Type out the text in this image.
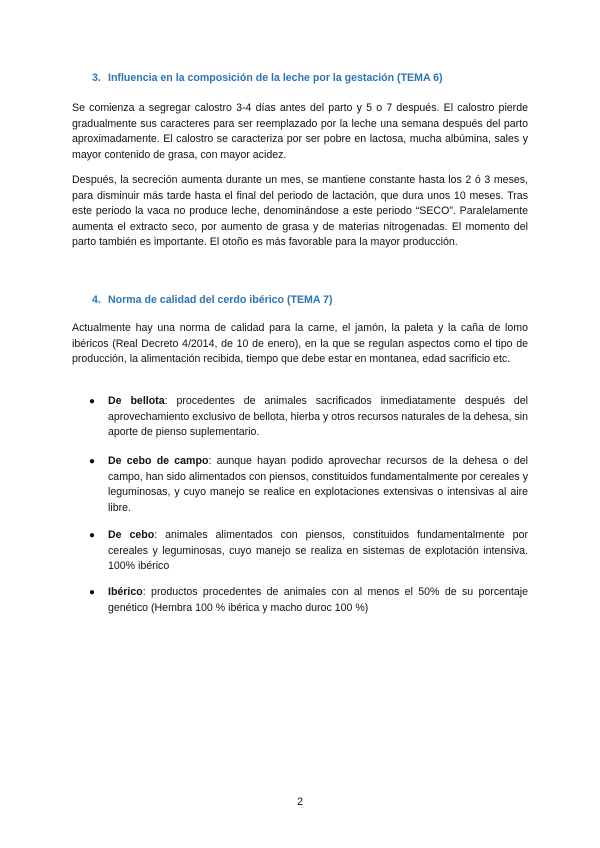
3. Influencia en la composición de la leche por la gestación (TEMA 6)

Se comienza a segregar calostro 3-4 días antes del parto y 5 o 7 después. El calostro pierde gradualmente sus caracteres para ser reemplazado por la leche una semana después del parto aproximadamente. El calostro se caracteriza por ser pobre en lactosa, mucha albúmina, sales y mayor contenido de grasa, con mayor acidez.

Después, la secreción aumenta durante un mes, se mantiene constante hasta los 2 ó 3 meses, para disminuir más tarde hasta el final del periodo de lactación, que dura unos 10 meses. Tras este periodo la vaca no produce leche, denominándose a este periodo “SECO”. Paralelamente aumenta el extracto seco, por aumento de grasa y de materias nitrogenadas. El momento del parto también es importante. El otoño es más favorable para la mayor producción.

4. Norma de calidad del cerdo ibérico (TEMA 7)

Actualmente hay una norma de calidad para la carne, el jamón, la paleta y la caña de lomo ibéricos (Real Decreto 4/2014, de 10 de enero), en la que se regulan aspectos como el tipo de producción, la alimentación recibida, tiempo que debe estar en montanea, edad sacrificio etc.

● De bellota: procedentes de animales sacrificados inmediatamente después del aprovechamiento exclusivo de bellota, hierba y otros recursos naturales de la dehesa, sin aporte de pienso suplementario.
● De cebo de campo: aunque hayan podido aprovechar recursos de la dehesa o del campo, han sido alimentados con piensos, constituidos fundamentalmente por cereales y leguminosas, y cuyo manejo se realice en explotaciones extensivas o intensivas al aire libre.
● De cebo: animales alimentados con piensos, constituidos fundamentalmente por cereales y leguminosas, cuyo manejo se realiza en sistemas de explotación intensiva. 100% ibérico
● Ibérico: productos procedentes de animales con al menos el 50% de su porcentaje genético (Hembra 100 % ibérica y macho duroc 100 %)
2
